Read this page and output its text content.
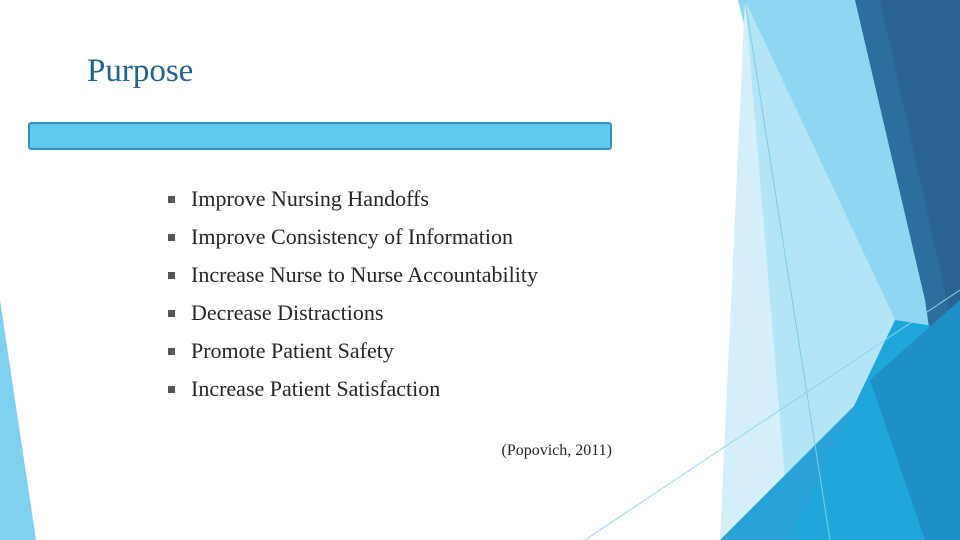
Purpose
Improve Nursing Handoffs
Improve Consistency of Information
Increase Nurse to Nurse Accountability
Decrease Distractions
Promote Patient Safety
Increase Patient Satisfaction
(Popovich, 2011)
